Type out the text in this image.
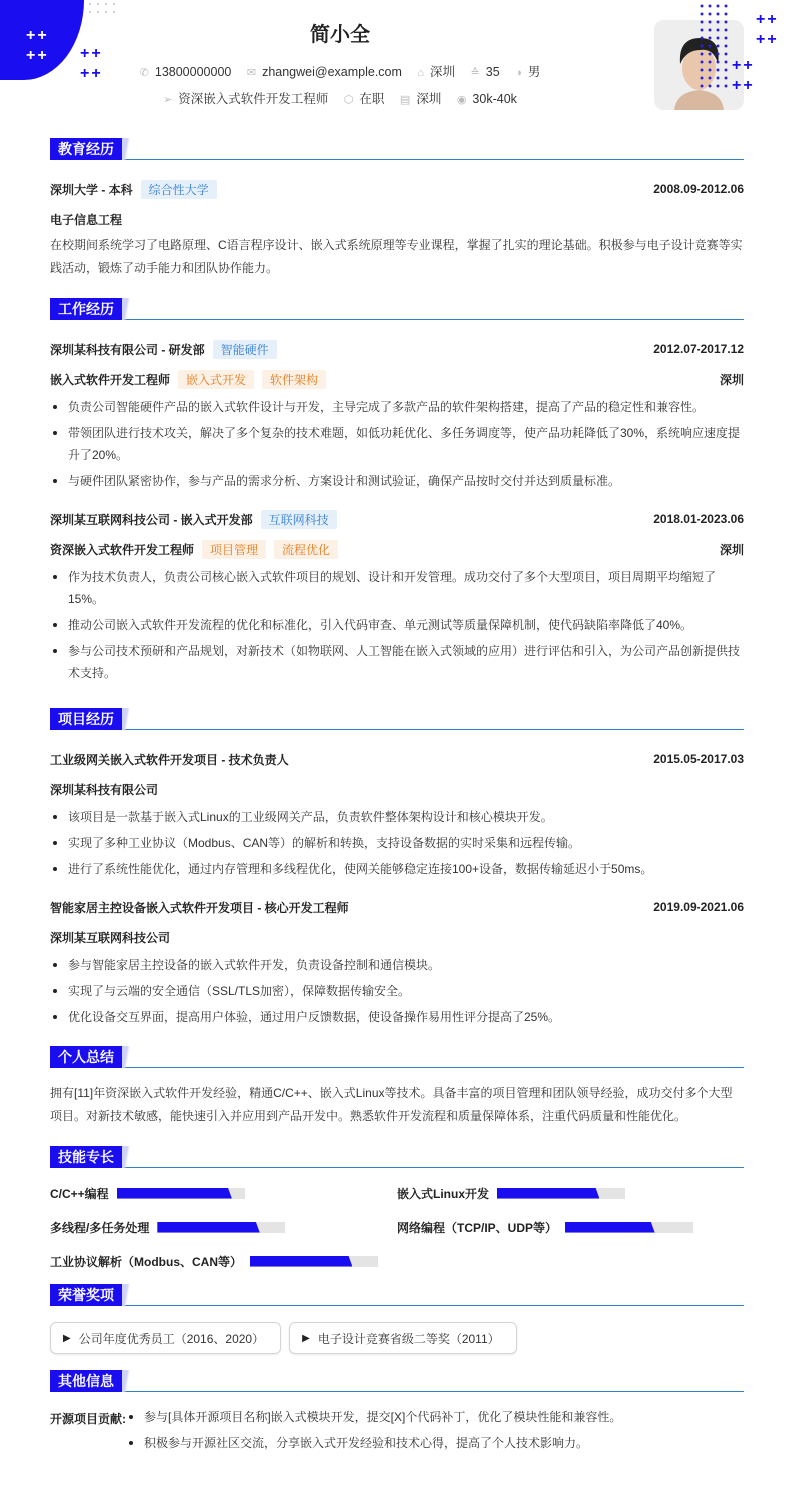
++
++	++
++
简小全
✆ 13800000000 ✉ zhangwei@example.com ⌂ 深圳 ≙ 35 ◑ 男
➢ 资深嵌入式软件开发工程师 ⬡ 在职 ▤ 深圳 ◉ 30k-40k
++
++
++
++
教育经历
深圳大学 - 本科	综合性大学	2008.09-2012.06
电子信息工程

在校期间系统学习了电路原理、C语言程序设计、嵌入式系统原理等专业课程，掌握了扎实的理论基础。积极参与电子设计竞赛等实践活动，锻炼了动手能力和团队协作能力。

工作经历
深圳某科技有限公司 - 研发部	智能硬件	2012.07-2017.12
嵌入式软件开发工程师	嵌入式开发	软件架构	深圳
负责公司智能硬件产品的嵌入式软件设计与开发，主导完成了多款产品的软件架构搭建，提高了产品的稳定性和兼容性。
带领团队进行技术攻关，解决了多个复杂的技术难题，如低功耗优化、多任务调度等，使产品功耗降低了30%，系统响应速度提升了20%。
与硬件团队紧密协作，参与产品的需求分析、方案设计和测试验证，确保产品按时交付并达到质量标准。
深圳某互联网科技公司 - 嵌入式开发部	互联网科技	2018.01-2023.06
资深嵌入式软件开发工程师	项目管理	流程优化	深圳
作为技术负责人，负责公司核心嵌入式软件项目的规划、设计和开发管理。成功交付了多个大型项目，项目周期平均缩短了15%。
推动公司嵌入式软件开发流程的优化和标准化，引入代码审查、单元测试等质量保障机制，使代码缺陷率降低了40%。
参与公司技术预研和产品规划，对新技术（如物联网、人工智能在嵌入式领域的应用）进行评估和引入，为公司产品创新提供技术支持。
项目经历
工业级网关嵌入式软件开发项目 - 技术负责人	2015.05-2017.03
深圳某科技有限公司
该项目是一款基于嵌入式Linux的工业级网关产品，负责软件整体架构设计和核心模块开发。
实现了多种工业协议（Modbus、CAN等）的解析和转换，支持设备数据的实时采集和远程传输。
进行了系统性能优化，通过内存管理和多线程优化，使网关能够稳定连接100+设备，数据传输延迟小于50ms。
智能家居主控设备嵌入式软件开发项目 - 核心开发工程师	2019.09-2021.06
深圳某互联网科技公司
参与智能家居主控设备的嵌入式软件开发，负责设备控制和通信模块。
实现了与云端的安全通信（SSL/TLS加密），保障数据传输安全。
优化设备交互界面，提高用户体验，通过用户反馈数据，使设备操作易用性评分提高了25%。
个人总结

拥有[11]年资深嵌入式软件开发经验，精通C/C++、嵌入式Linux等技术。具备丰富的项目管理和团队领导经验，成功交付多个大型项目。对新技术敏感，能快速引入并应用到产品开发中。熟悉软件开发流程和质量保障体系，注重代码质量和性能优化。

技能专长
C/C++编程	嵌入式Linux开发
多线程/多任务处理	网络编程（TCP/IP、UDP等）
工业协议解析（Modbus、CAN等）
荣誉奖项
▶ 公司年度优秀员工（2016、2020）	▶ 电子设计竞赛省级二等奖（2011）
其他信息
开源项目贡献:	参与[具体开源项目名称]嵌入式模块开发，提交[X]个代码补丁，优化了模块性能和兼容性。
积极参与开源社区交流，分享嵌入式开发经验和技术心得，提高了个人技术影响力。
